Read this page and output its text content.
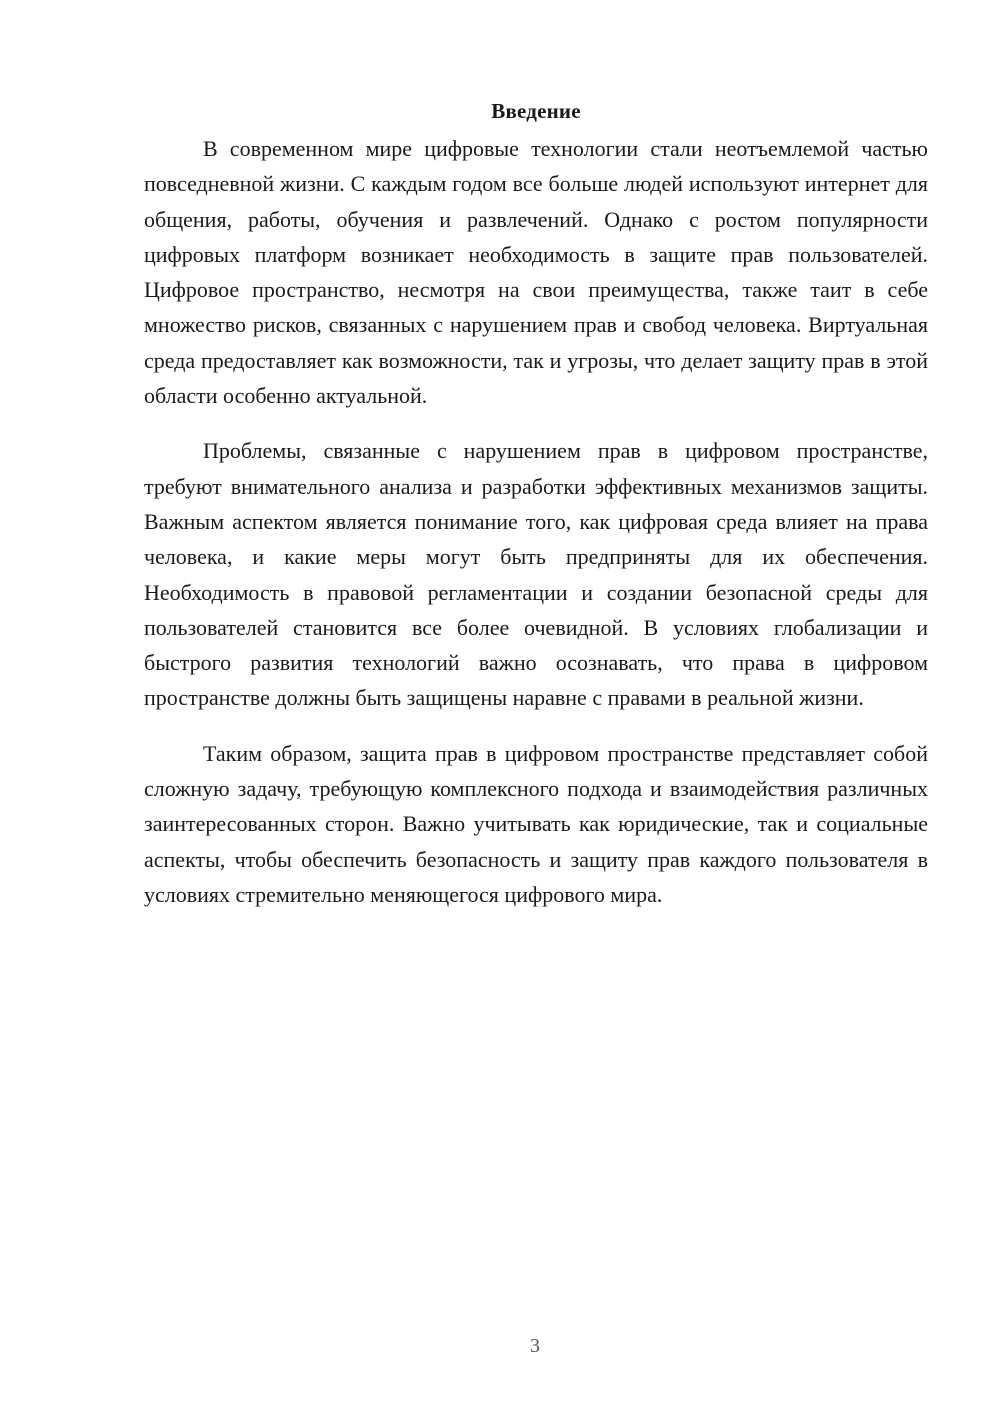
Введение

В современном мире цифровые технологии стали неотъемлемой частью повседневной жизни. С каждым годом все больше людей используют интернет для общения, работы, обучения и развлечений. Однако с ростом популярности цифровых платформ возникает необходимость в защите прав пользователей. Цифровое пространство, несмотря на свои преимущества, также таит в себе множество рисков, связанных с нарушением прав и свобод человека. Виртуальная среда предоставляет как возможности, так и угрозы, что делает защиту прав в этой области особенно актуальной.

Проблемы, связанные с нарушением прав в цифровом пространстве, требуют внимательного анализа и разработки эффективных механизмов защиты. Важным аспектом является понимание того, как цифровая среда влияет на права человека, и какие меры могут быть предприняты для их обеспечения. Необходимость в правовой регламентации и создании безопасной среды для пользователей становится все более очевидной. В условиях глобализации и быстрого развития технологий важно осознавать, что права в цифровом пространстве должны быть защищены наравне с правами в реальной жизни.

Таким образом, защита прав в цифровом пространстве представляет собой сложную задачу, требующую комплексного подхода и взаимодействия различных заинтересованных сторон. Важно учитывать как юридические, так и социальные аспекты, чтобы обеспечить безопасность и защиту прав каждого пользователя в условиях стремительно меняющегося цифрового мира.

3
